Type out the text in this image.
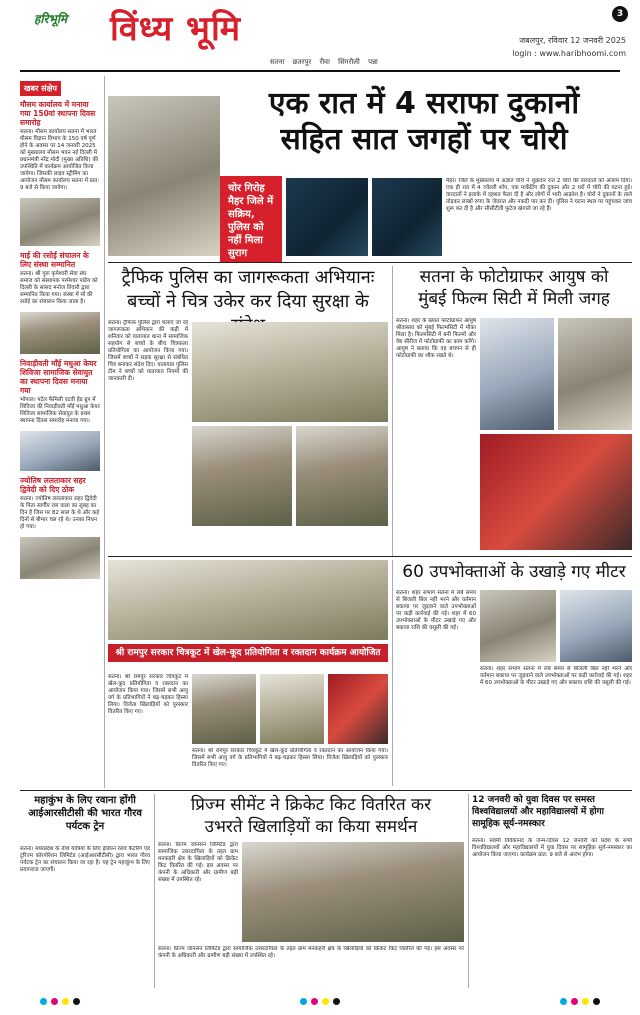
हरिभूमि विंध्य भूमि
सतना छतरपुर रीवा सिंगरौली पन्ना
3
जबलपुर, रविवार 12 जनवरी 2025
login : www.haribhoomi.com
खबर संक्षेप
मौसम कार्यालय में मनाया गया 150वां स्थापना दिवस समारोह

सतना। मौसम कार्यालय सतना में भारत मौसम विज्ञान विभाग के 150 वर्ष पूर्ण होने के अवसर पर 14 जनवरी 2025 को मुख्यालय मौसम भवन नई दिल्ली में प्रधानमंत्री नरेंद्र मोदी (मुख्य अतिथि) की उपस्थिति में कार्यक्रम आयोजित किया जायेगा। जिसकी लाइव स्ट्रीमिंग का आयोजन मौसम कार्यालय सतना में प्रात: 9 बजे से किया जायेगा।

माई की रसोई संचालन के लिए संस्था सम्मानित

सतना। श्री गुरू कृपेश्वरी सेवा संघ समाज को संस्थापक परमेश्वर पांडेय को दिल्ली के सांसद मनोज तिवारी द्वारा सम्मानित किया गया। संस्था में माँ की रसोई का संचालन किया जाता है।

निवाड़ीवती माँई मधुआ केयर शिविजा सामाजिक सेवायुत का स्थापना दिवस मनाया गया

भोपाल। पटेल फैमिली वटवी हेड ग्रुप में शिविजा की निवाड़ीवती माँई मधुआ केयर शिविजा सामाजिक सेवायुत के प्रथम स्थापना दिवस समारोह मनाया गया।

ज्योतिष ललताकार सहर द्विवेदी को दिए ठोक

सतना। ज्योतिष ललताकार सहर द्विवेदी के पिता स्वर्गीय राम वाला का सुबह का दिन है जिस पर 82 साल के थे और कई दिनों से बीमार चल रहे थे। उनका निधन हो गया।

एक रात में 4 सराफा दुकानों
सहित सात जगहों पर चोरी
चोर गिरोह मैहर जिले में सक्रिय, पुलिस को नहीं मिला सुराग
मैहर। जिले के मुख्यालय में अज्ञात चोरों ने शुक्रवार रात 2 चोरों की वारदातों को अंजाम दिया। एक ही रात में 4 ज्वेलरी शॉप, एक मार्केटिंग की दुकान और 2 घरों में चोरी की घटना हुई। वारदातों ने इलाके में दहशत फैला दी है और लोगों में भारी आक्रोश है। चोरों ने दुकानों के ताले तोड़कर लाखों रुपए के जेवरात और नकदी पार कर दी। पुलिस ने घटना स्थल पर पहुंचकर जांच शुरू कर दी है और सीसीटीवी फुटेज खंगाले जा रहे हैं।
ट्रैफिक पुलिस का जागरूकता अभियानः
बच्चों ने चित्र उकेर कर दिया सुरक्षा के
सतना। ट्रैफिक पुलिस द्वारा चलाए जा रहे जागरूकता अभियान की कड़ी में शनिवार को यातायात थाना में सामाजिक सहयोग से बच्चों के बीच चित्रकला प्रतियोगिता का आयोजन किया गया। जिसमें बच्चों ने सड़क सुरक्षा से संबंधित चित्र बनाकर संदेश दिए। यातायात पुलिस टीम ने बच्चों को यातायात नियमों की जानकारी दी।
सतना के फोटोग्राफर आयुष को
मुंबई फिल्म सिटी में मिली जगह
सतना। शहर के ख्यात फोटोग्राफर आयुष श्रीवास्तव को मुंबई फिल्मसिटी में मौका मिला है। फिल्मसिटी में बनी फिल्मों और वेब सीरीज में फोटोग्राफी का काम करेंगे। आयुष ने बताया कि वह बचपन से ही फोटोग्राफी का शौक रखते थे।
60 उपभोक्ताओं के उखाड़े गए मीटर
सतना। शहर संभाग सतना में लंबे समय से बिजली बिल नहीं भरने और वर्तमान बकाया पर जुड़वाने वाले उपभोक्ताओं पर कड़ी कार्रवाई की गई। शहर में 60 उपभोक्ताओं के मीटर उखाड़े गए और बकाया राशि की वसूली की गई।
सतना। शहर संभाग सतना में लंबे समय से बिजली बिल नहीं भरने और वर्तमान बकाया पर जुड़वाने वाले उपभोक्ताओं पर कड़ी कार्रवाई की गई। शहर में 60 उपभोक्ताओं के मीटर उखाड़े गए और बकाया राशि की वसूली की गई।
श्री रामपुर सरकार चित्रकूट में खेल-कूद प्रतियोगिता व रक्तदान कार्यक्रम आयोजित
सतना। श्री रामपुर सरकार चित्रकूट में खेल-कूद प्रतियोगिता व रक्तदान का आयोजन किया गया। जिसमें सभी आयु वर्ग के प्रतिभागियों ने बढ़-चढ़कर हिस्सा लिया। विजेता खिलाड़ियों को पुरस्कार वितरित किए गए।
सतना। श्री रामपुर सरकार चित्रकूट में खेल-कूद प्रतियोगिता व रक्तदान का आयोजन किया गया। जिसमें सभी आयु वर्ग के प्रतिभागियों ने बढ़-चढ़कर हिस्सा लिया। विजेता खिलाड़ियों को पुरस्कार वितरित किए गए।
महाकुंभ के लिए रवाना होंगी आईआरसीटीसी की भारत गौरव पर्यटक ट्रेन
सतना। मध्यप्रदेश के तीर्थ यात्रियों के लिए इंडियन रेलवे कैटरिंग एंड टूरिज्म कॉरपोरेशन लिमिटेड (आईआरसीटीसी) द्वारा भारत गौरव पर्यटक ट्रेन का संचालन किया जा रहा है। यह ट्रेन महाकुंभ के लिए प्रयागराज जाएगी।
प्रिज्म सीमेंट ने क्रिकेट किट वितरित कर
उभरते खिलाड़ियों का किया समर्थन
सतना। प्रिज्म जॉनसन लिमिटेड द्वारा सामाजिक उत्तरदायित्व के तहत ग्राम मनकहरी क्षेत्र के खिलाड़ियों को क्रिकेट किट वितरित की गई। इस अवसर पर कंपनी के अधिकारी और ग्रामीण बड़ी संख्या में उपस्थित रहे।
सतना। प्रिज्म जॉनसन लिमिटेड द्वारा सामाजिक उत्तरदायित्व के तहत ग्राम मनकहरी क्षेत्र के खिलाड़ियों को क्रिकेट किट वितरित की गई। इस अवसर पर कंपनी के अधिकारी और ग्रामीण बड़ी संख्या में उपस्थित रहे।
12 जनवरी को युवा दिवस पर समस्त विश्वविद्यालयों और महाविद्यालयों में होगा सामूहिक सूर्य-नमस्कार
सतना। स्वामी विवेकानंद के जन्म-दिवस 12 जनवरी को प्रदेश के सभी विश्वविद्यालयों और महाविद्यालयों में युवा दिवस पर सामूहिक सूर्य-नमस्कार का आयोजन किया जाएगा। कार्यक्रम प्रात: 9 बजे से आरंभ होगा।
